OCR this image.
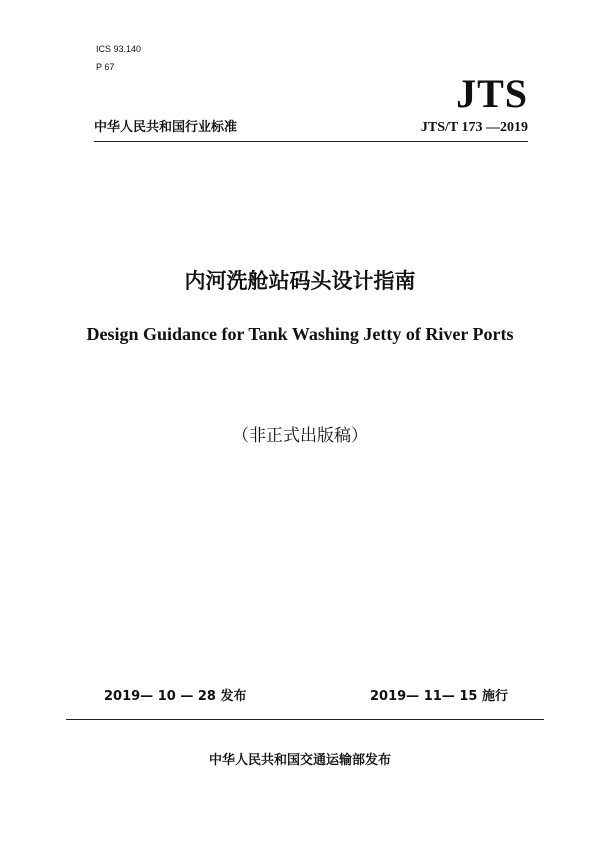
ICS 93.140
P 67
JTS
中华人民共和国行业标准	JTS/T 173 —2019
内河洗舱站码头设计指南
Design Guidance for Tank Washing Jetty of River Ports
（非正式出版稿）
2019— 10 — 28 发布	2019— 11— 15 施行
中华人民共和国交通运输部发布
